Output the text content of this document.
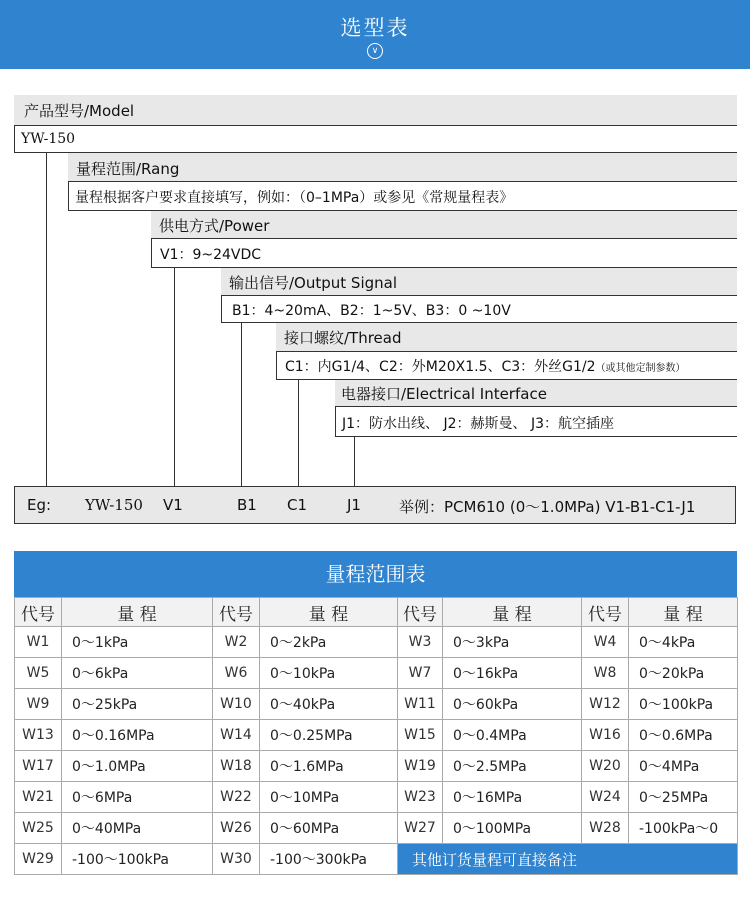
选型表
∨
产品型号/Model
YW-150
量程范围/Rang
量程根据客户要求直接填写，例如：（0–1MPa）或参见《常规量程表》
供电方式/Power
V1：9~24VDC
输出信号/Output Signal
B1：4~20mA、B2：1~5V、B3：0 ~10V
接口螺纹/Thread
C1：内G1/4、C2：外M20X1.5、C3：外丝G1/2（或其他定制参数）
电器接口/Electrical Interface
J1：防水出线、 J2：赫斯曼、 J3：航空插座
Eg: YW-150 V1	B1 C1	J1	举例：PCM610 (0～1.0MPa) V1-B1-C1-J1
量程范围表
代号	量 程	代号	量 程	代号	量 程	代号	量 程
W1	0～1kPa	W2	0～2kPa	W3	0～3kPa	W4	0～4kPa
W5	0～6kPa	W6	0～10kPa	W7	0～16kPa	W8	0～20kPa
W9	0～25kPa	W10	0～40kPa	W11	0～60kPa	W12	0～100kPa
W13	0～0.16MPa	W14	0～0.25MPa	W15	0～0.4MPa	W16	0～0.6MPa
W17	0～1.0MPa	W18	0～1.6MPa	W19	0～2.5MPa	W20	0～4MPa
W21	0～6MPa	W22	0～10MPa	W23	0～16MPa	W24	0～25MPa
W25	0～40MPa	W26	0～60MPa	W27	0～100MPa	W28	-100kPa～0
W29	-100～100kPa	W30	-100～300kPa	其他订货量程可直接备注			
